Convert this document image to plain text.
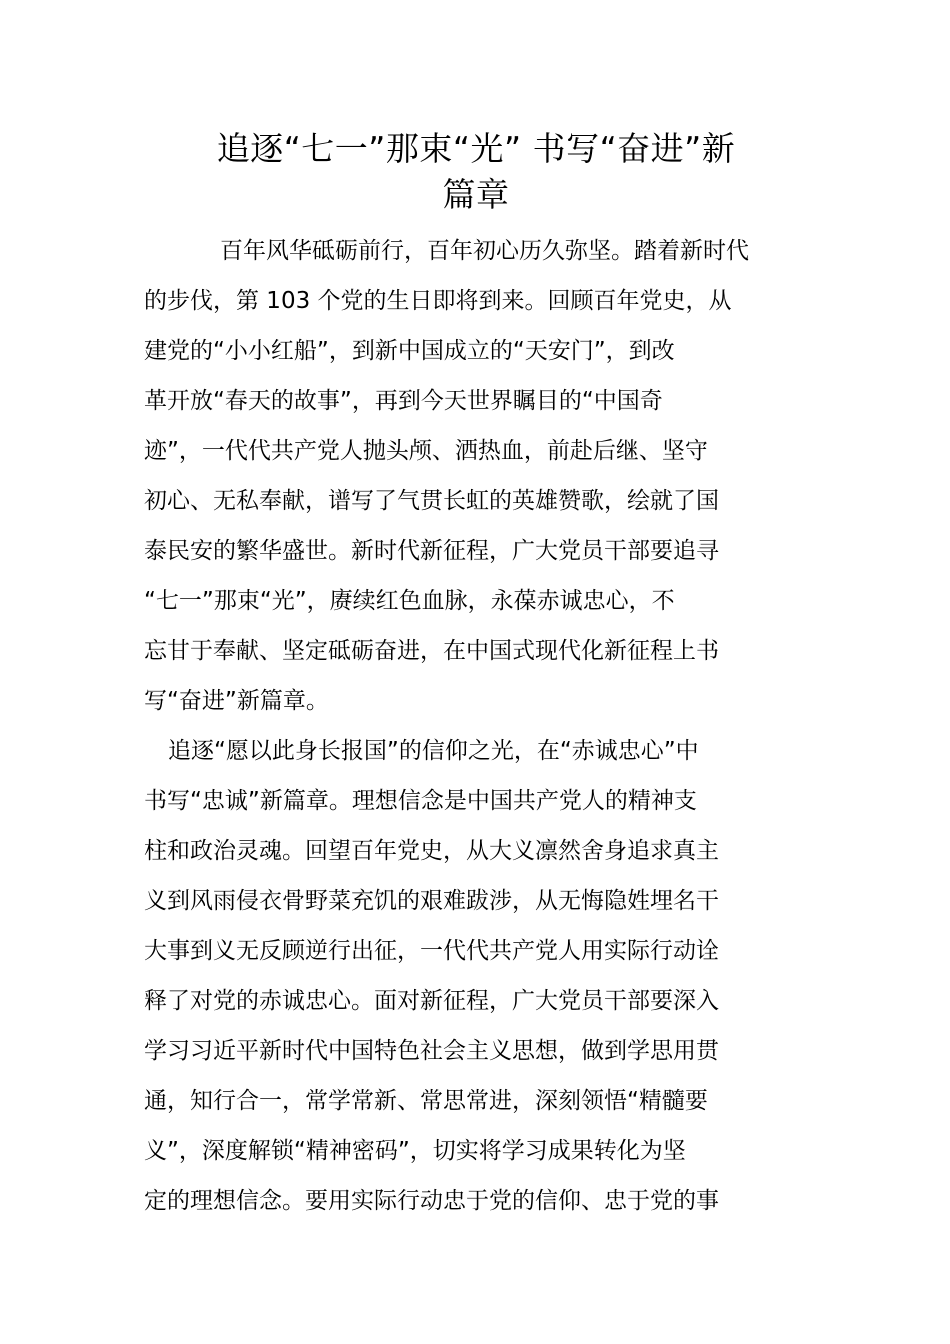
追逐“七一”那束“光” 书写“奋进”新
篇章
百年风华砥砺前行，百年初心历久弥坚。踏着新时代
的步伐，第 103 个党的生日即将到来。回顾百年党史，从
建党的“小小红船”，到新中国成立的“天安门”，到改
革开放“春天的故事”，再到今天世界瞩目的“中国奇
迹”，一代代共产党人抛头颅、洒热血，前赴后继、坚守
初心、无私奉献，谱写了气贯长虹的英雄赞歌，绘就了国
泰民安的繁华盛世。新时代新征程，广大党员干部要追寻
“七一”那束“光”，赓续红色血脉，永葆赤诚忠心，不
忘甘于奉献、坚定砥砺奋进，在中国式现代化新征程上书
写“奋进”新篇章。
追逐“愿以此身长报国”的信仰之光，在“赤诚忠心”中
书写“忠诚”新篇章。理想信念是中国共产党人的精神支
柱和政治灵魂。回望百年党史，从大义凛然舍身追求真主
义到风雨侵衣骨野菜充饥的艰难跋涉，从无悔隐姓埋名干
大事到义无反顾逆行出征，一代代共产党人用实际行动诠
释了对党的赤诚忠心。面对新征程，广大党员干部要深入
学习习近平新时代中国特色社会主义思想，做到学思用贯
通，知行合一，常学常新、常思常进，深刻领悟“精髓要
义”，深度解锁“精神密码”，切实将学习成果转化为坚
定的理想信念。要用实际行动忠于党的信仰、忠于党的事
